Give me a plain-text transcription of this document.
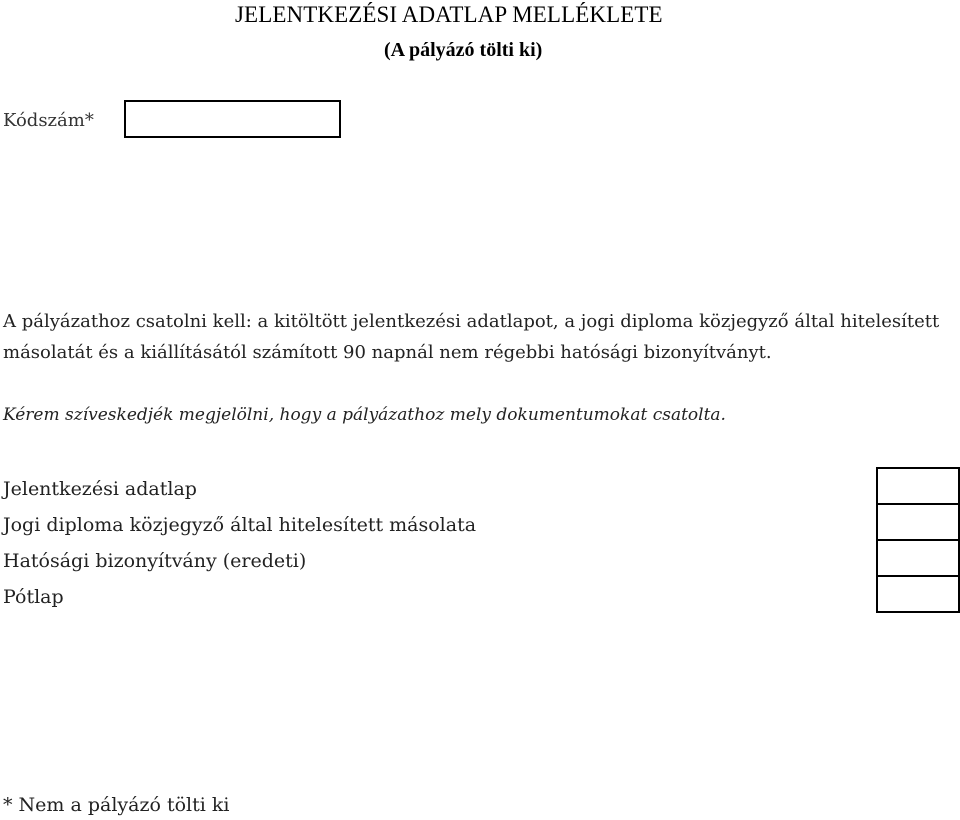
JELENTKEZÉSI ADATLAP MELLÉKLETE
(A pályázó tölti ki)
Kódszám*
A pályázathoz csatolni kell: a kitöltött jelentkezési adatlapot, a jogi diploma közjegyző által hitelesített
másolatát és a kiállításától számított 90 napnál nem régebbi hatósági bizonyítványt.
Kérem szíveskedjék megjelölni, hogy a pályázathoz mely dokumentumokat csatolta.
Jelentkezési adatlap
Jogi diploma közjegyző által hitelesített másolata
Hatósági bizonyítvány (eredeti)
Pótlap
* Nem a pályázó tölti ki
